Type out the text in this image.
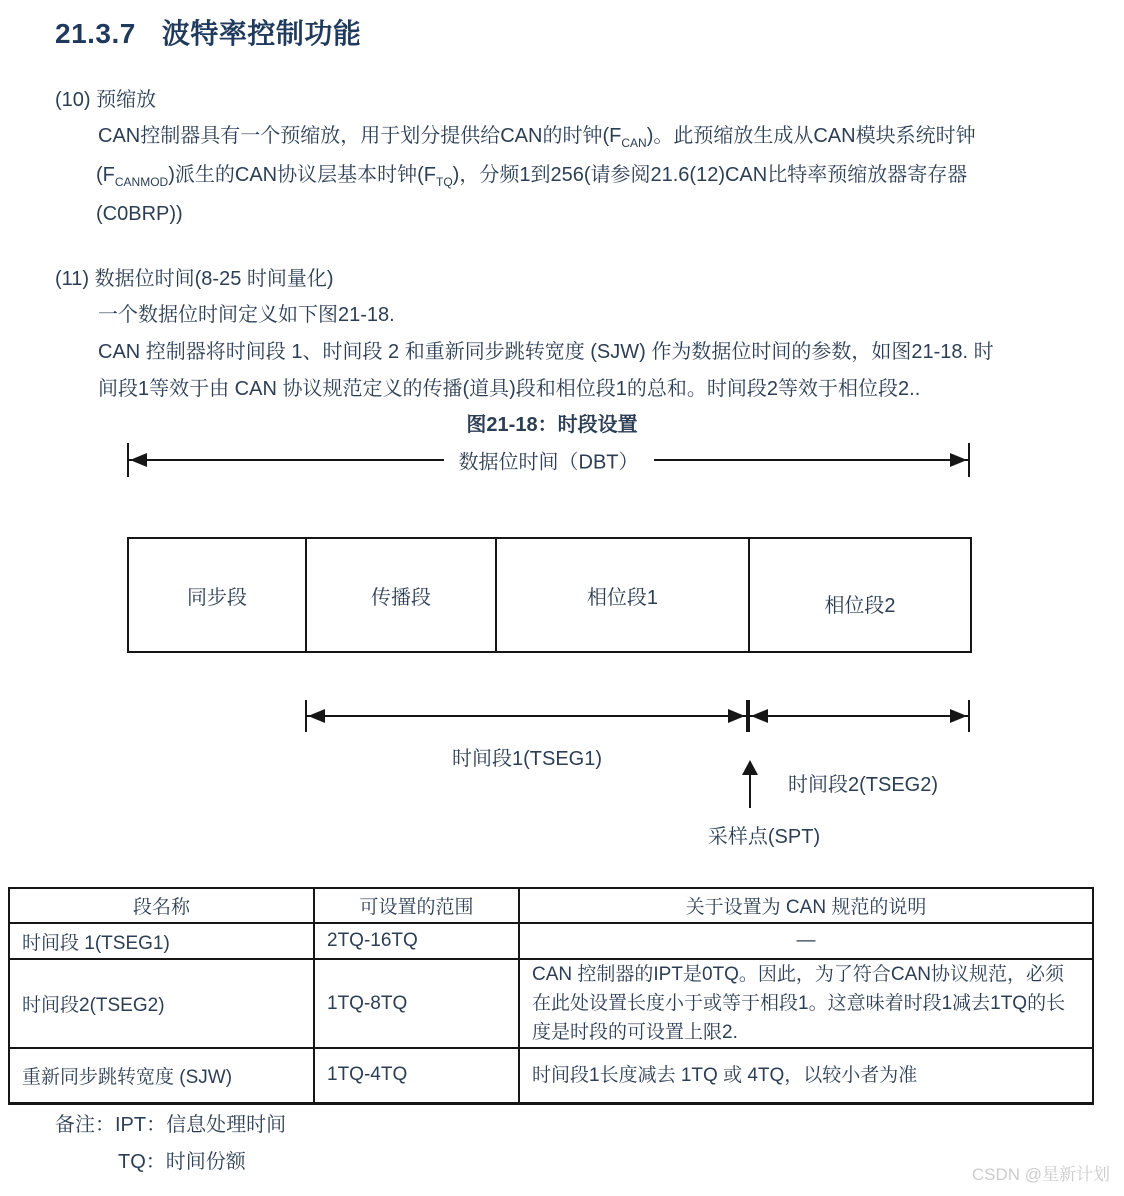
21.3.7 波特率控制功能
(10) 预缩放
CAN控制器具有一个预缩放，用于划分提供给CAN的时钟$(F_{CAN})$。此预缩放生成从CAN模块系统时钟
$(F_{CANMOD})$派生的CAN协议层基本时钟$(F_{TQ})$，分频1到256(请参阅21.6(12)CAN比特率预缩放器寄存器
(C0BRP))
(11) 数据位时间(8-25 时间量化)
一个数据位时间定义如下图21-18.
CAN 控制器将时间段 1、时间段 2 和重新同步跳转宽度 (SJW) 作为数据位时间的参数，如图21-18. 时
间段1等效于由 CAN 协议规范定义的传播(道具)段和相位段1的总和。时间段2等效于相位段2..
图21-18：时段设置
数据位时间（DBT）
同步段	传播段	相位段1	相位段2
时间段1(TSEG1)
时间段2(TSEG2)
采样点(SPT)
段名称	可设置的范围	关于设置为 CAN 规范的说明
时间段 1(TSEG1)	2TQ-16TQ	—
时间段2(TSEG2)	1TQ-8TQ	CAN 控制器的IPT是0TQ。因此，为了符合CAN协议规范，必须在此处设置长度小于或等于相段1。这意味着时段1减去1TQ的长度是时段的可设置上限2.
重新同步跳转宽度 (SJW)	1TQ-4TQ	时间段1长度减去 1TQ 或 4TQ，以较小者为准
备注：IPT：信息处理时间
TQ：时间份额
CSDN @星新计划
